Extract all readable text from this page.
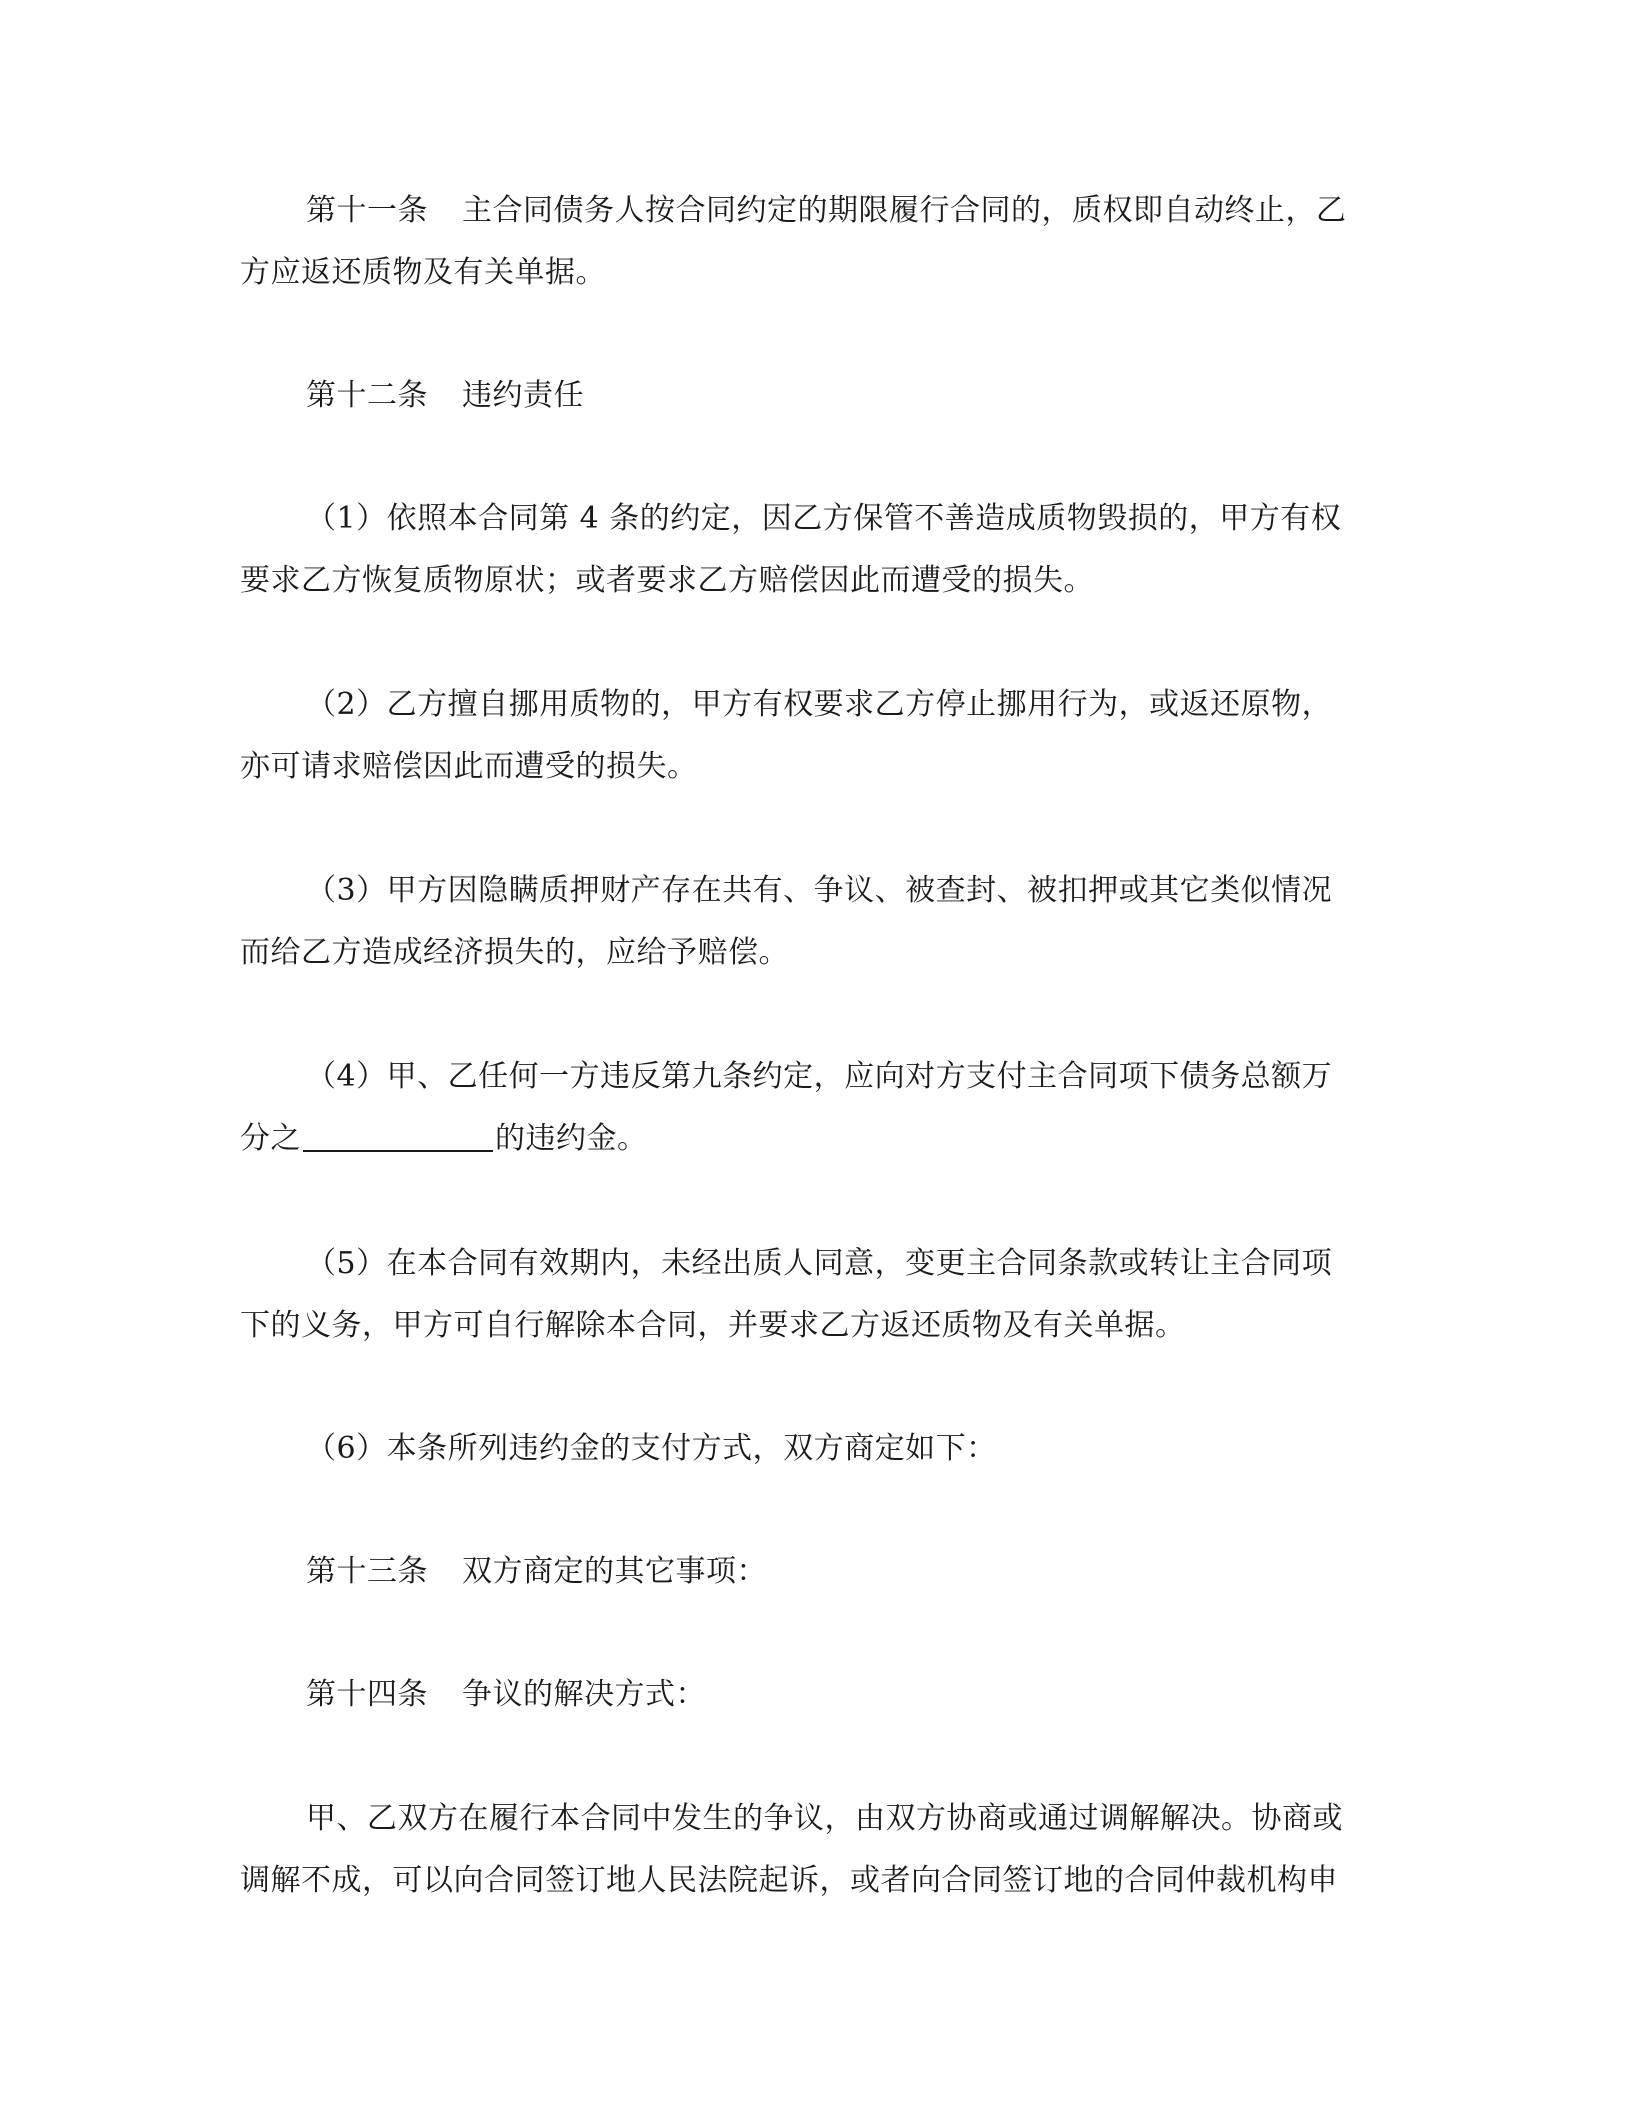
第十一条 主合同债务人按合同约定的期限履行合同的，质权即自动终止，乙
方应返还质物及有关单据。
第十二条 违约责任
（1）依照本合同第 4 条的约定，因乙方保管不善造成质物毁损的，甲方有权
要求乙方恢复质物原状；或者要求乙方赔偿因此而遭受的损失。
（2）乙方擅自挪用质物的，甲方有权要求乙方停止挪用行为，或返还原物，
亦可请求赔偿因此而遭受的损失。
（3）甲方因隐瞒质押财产存在共有、争议、被查封、被扣押或其它类似情况
而给乙方造成经济损失的，应给予赔偿。
（4）甲、乙任何一方违反第九条约定，应向对方支付主合同项下债务总额万
分之	的违约金。
（5）在本合同有效期内，未经出质人同意，变更主合同条款或转让主合同项
下的义务，甲方可自行解除本合同，并要求乙方返还质物及有关单据。
（6）本条所列违约金的支付方式，双方商定如下：
第十三条 双方商定的其它事项：
第十四条 争议的解决方式：
甲、乙双方在履行本合同中发生的争议，由双方协商或通过调解解决。协商或
调解不成，可以向合同签订地人民法院起诉，或者向合同签订地的合同仲裁机构申
